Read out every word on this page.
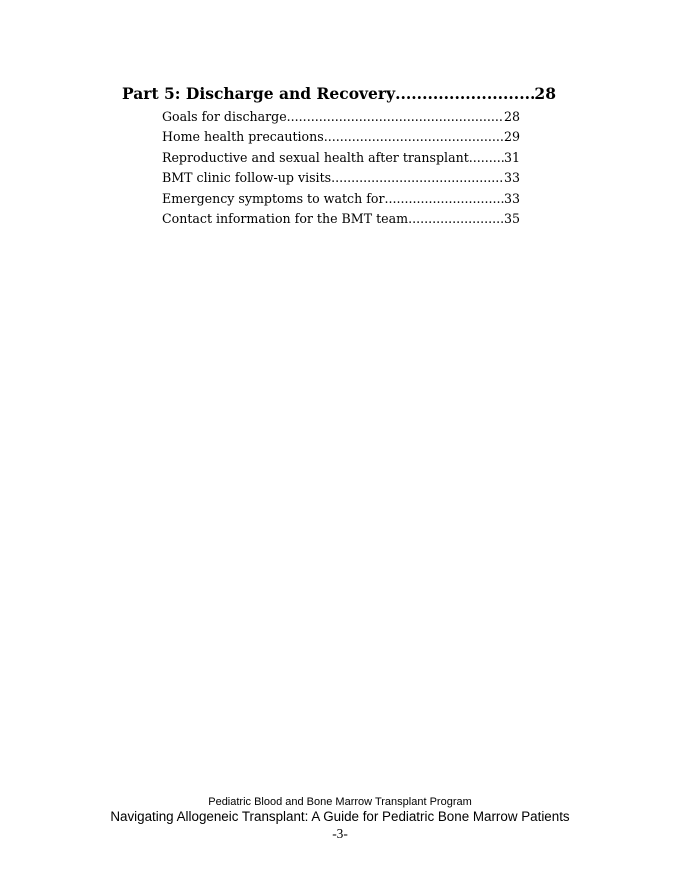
Part 5: Discharge and Recovery .....	28
Goals for discharge .....	28
Home health precautions .....	29
Reproductive and sexual health after transplant .....	31
BMT clinic follow-up visits .....	33
Emergency symptoms to watch for .....	33
Contact information for the BMT team .....	35
Pediatric Blood and Bone Marrow Transplant Program
Navigating Allogeneic Transplant: A Guide for Pediatric Bone Marrow Patients
-3-
